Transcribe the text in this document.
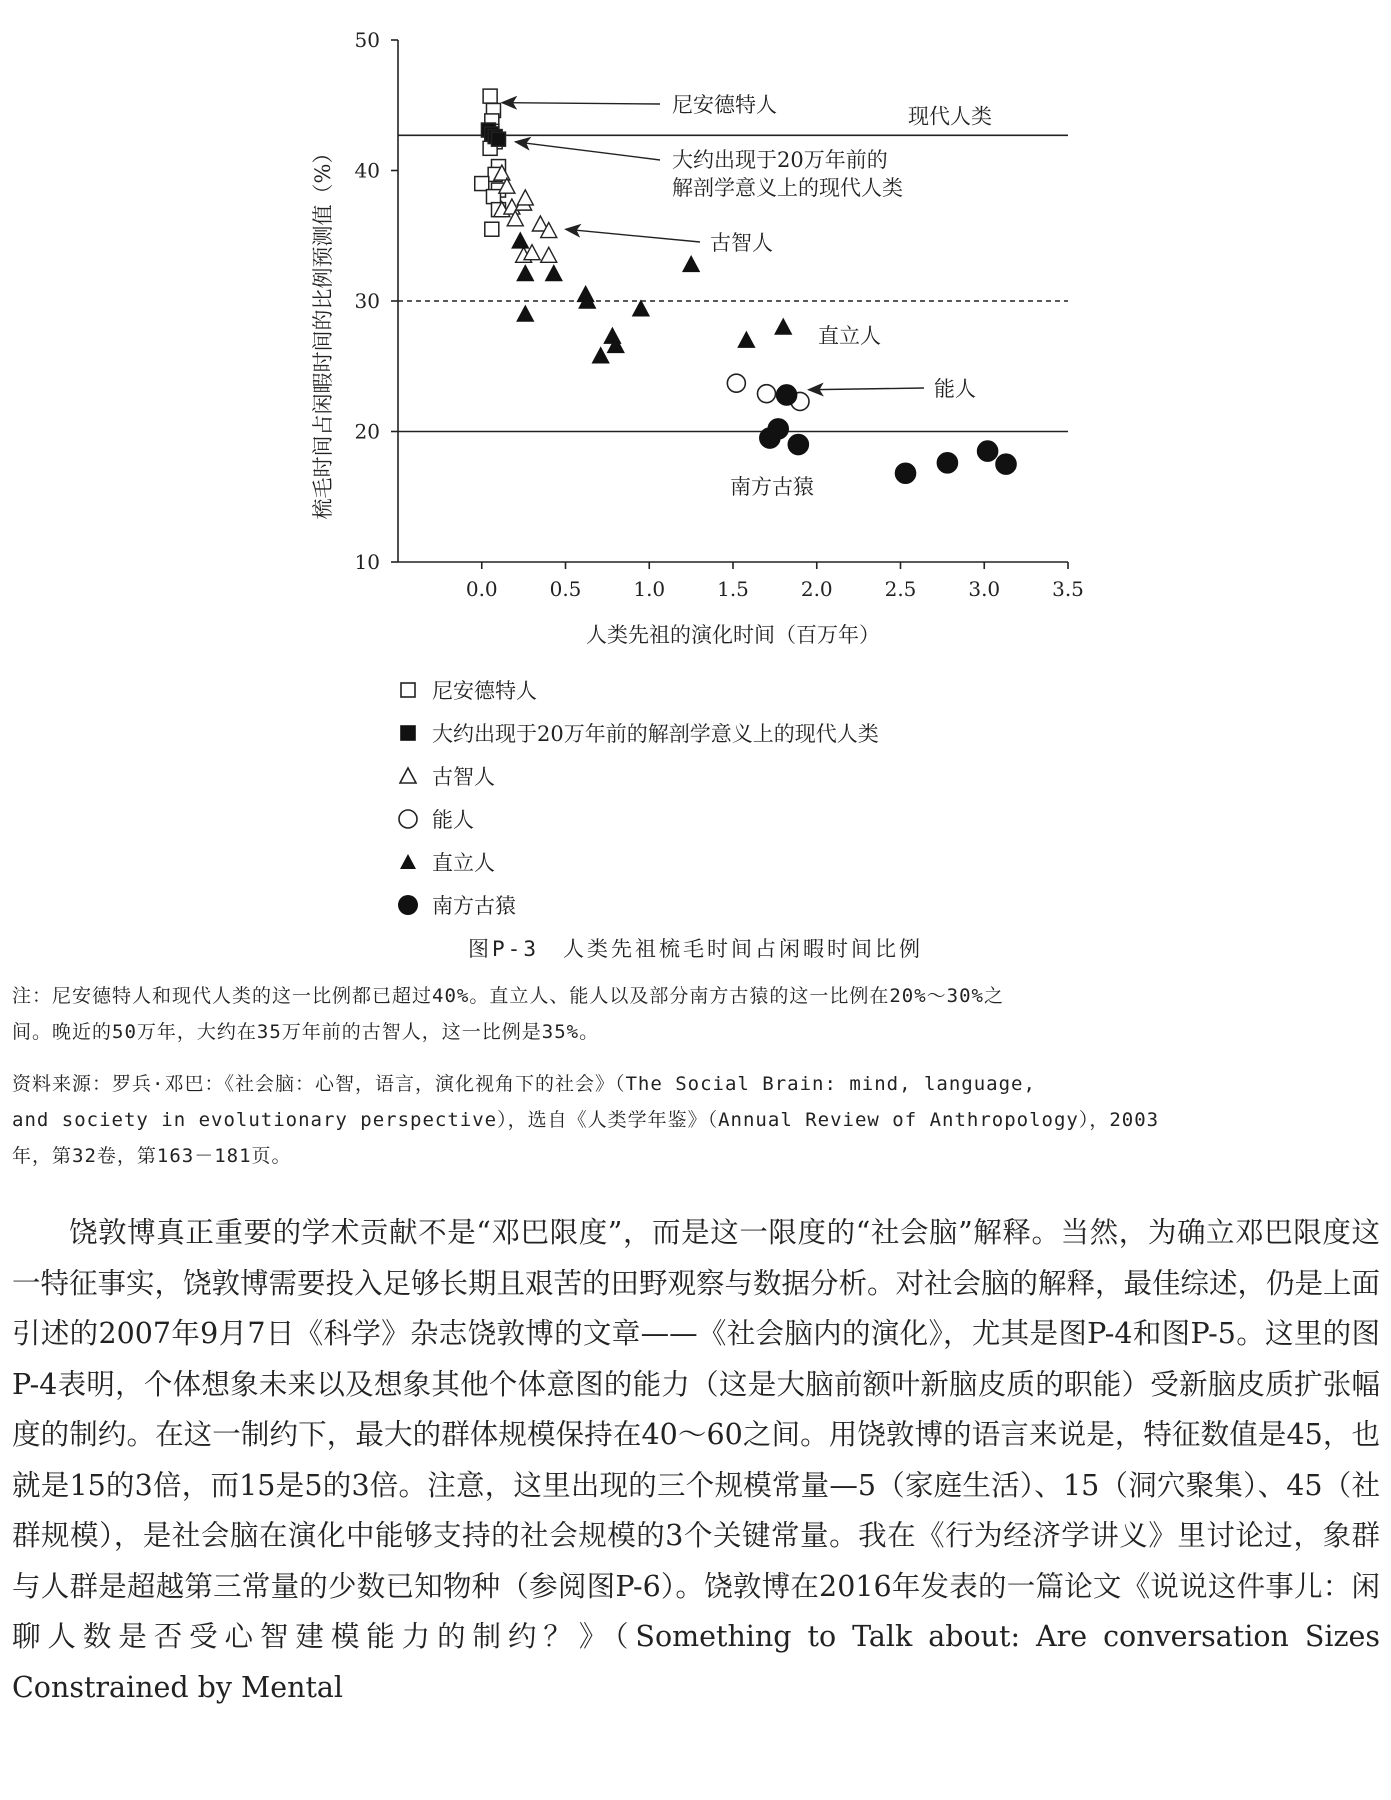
现代人类
10
20
30
40
50
0.0	0.5	1.0	1.5	2.0	2.5	3.0	3.5
人类先祖的演化时间（百万年）
梳毛时间占闲暇时间的比例预测值（%）
尼安德特人
大约出现于20万年前的
解剖学意义上的现代人类
古智人
直立人
能人
南方古猿
尼安德特人
大约出现于20万年前的解剖学意义上的现代人类
古智人
能人
直立人
南方古猿
图P-3　人类先祖梳毛时间占闲暇时间比例
注：尼安德特人和现代人类的这一比例都已超过40%。直立人、能人以及部分南方古猿的这一比例在20%～30%之
间。晚近的50万年，大约在35万年前的古智人，这一比例是35%。
资料来源：罗兵·邓巴：《社会脑：心智，语言，演化视角下的社会》（The Social Brain: mind, language,
and society in evolutionary perspective），选自《人类学年鉴》（Annual Review of Anthropology），2003
年，第32卷，第163－181页。

饶敦博真正重要的学术贡献不是“邓巴限度”，而是这一限度的“社会脑”解释。当然，为确立邓巴限度这一特征事实，饶敦博需要投入足够长期且艰苦的田野观察与数据分析。对社会脑的解释，最佳综述，仍是上面引述的2007年9月7日《科学》杂志饶敦博的文章——《社会脑内的演化》，尤其是图P-4和图P-5。这里的图P-4表明，个体想象未来以及想象其他个体意图的能力（这是大脑前额叶新脑皮质的职能）受新脑皮质扩张幅度的制约。在这一制约下，最大的群体规模保持在40～60之间。用饶敦博的语言来说是，特征数值是45，也就是15的3倍，而15是5的3倍。注意，这里出现的三个规模常量—5（家庭生活）、15（洞穴聚集）、45（社群规模），是社会脑在演化中能够支持的社会规模的3个关键常量。我在《行为经济学讲义》里讨论过，象群与人群是超越第三常量的少数已知物种（参阅图P-6）。饶敦博在2016年发表的一篇论文《说说这件事儿：闲聊人数是否受心智建模能力的制约？》（Something to Talk about: Are conversation Sizes Constrained by Mental
